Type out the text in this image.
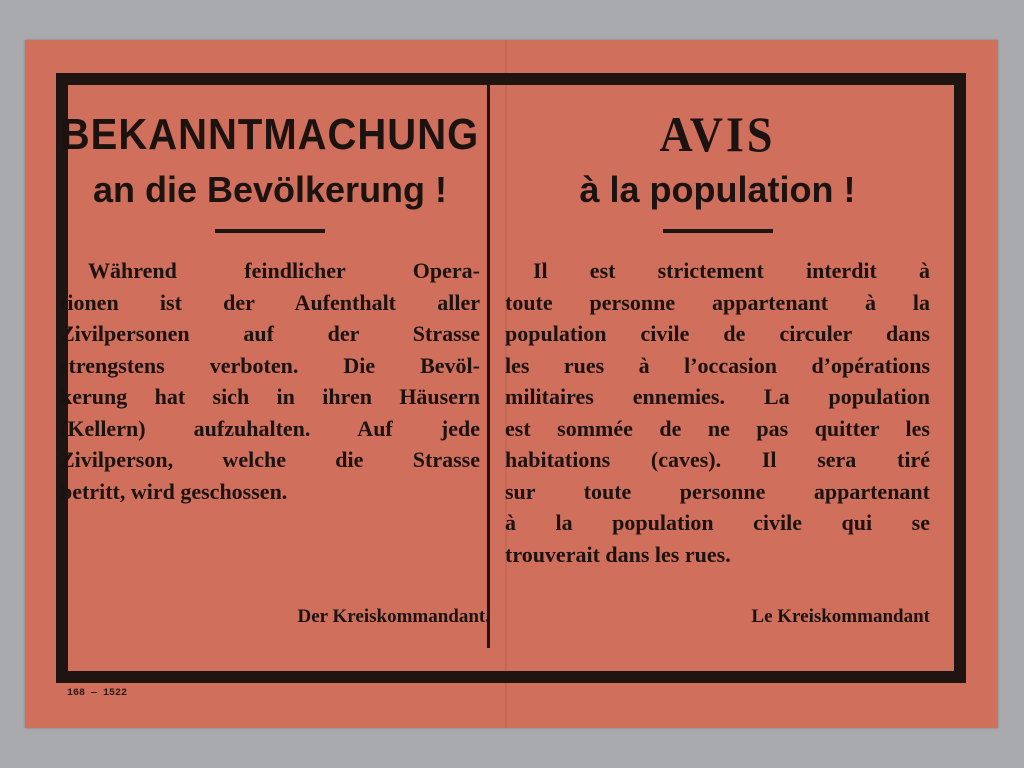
BEKANNTMACHUNG
an die Bevölkerung !
Während feindlicher Opera-
tionen ist der Aufenthalt aller
Zivilpersonen auf der Strasse
strengstens verboten. Die Bevöl-
kerung hat sich in ihren Häusern
(Kellern) aufzuhalten. Auf jede
Zivilperson, welche die Strasse
betritt, wird geschossen.
Der Kreiskommandant.
AVIS
à la population !
Il est strictement interdit à
toute personne appartenant à la
population civile de circuler dans
les rues à l’occasion d’opérations
militaires ennemies. La population
est sommée de ne pas quitter les
habitations (caves). Il sera tiré
sur toute personne appartenant
à la population civile qui se
trouverait dans les rues.
Le Kreiskommandant
168 — 1522
